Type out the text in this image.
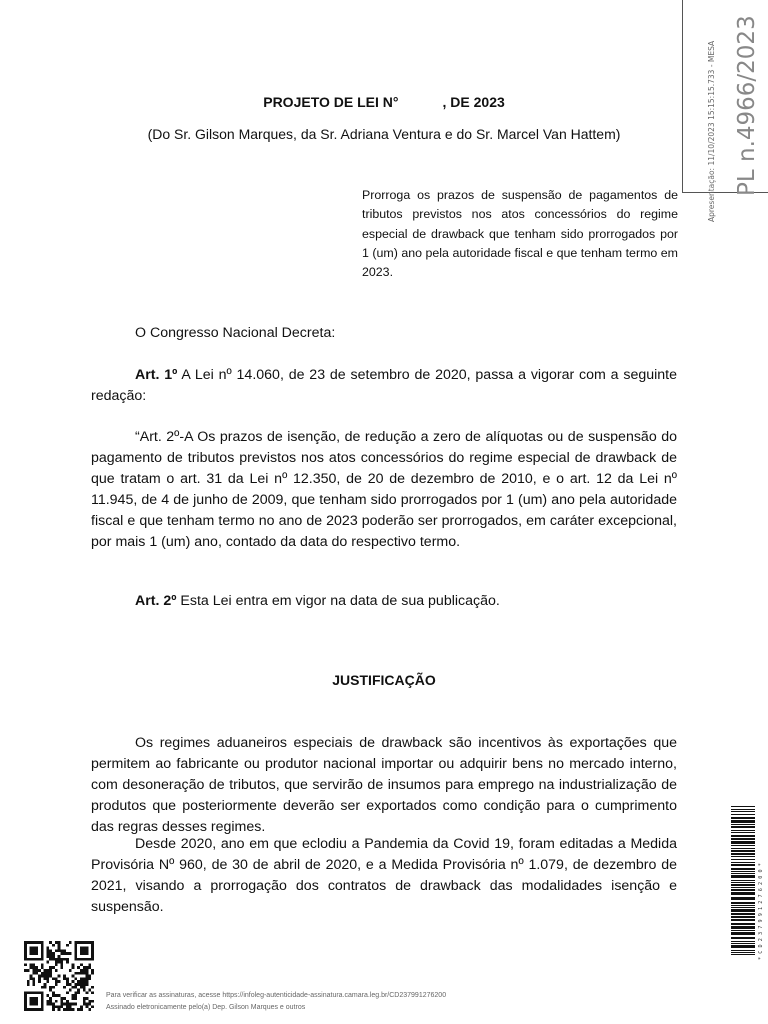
Apresentação: 11/10/2023 15:15:15.733 - MESA PL n.4966/2023
PROJETO DE LEI N°	, DE 2023
(Do Sr. Gilson Marques, da Sr. Adriana Ventura e do Sr. Marcel Van Hattem)
Prorroga os prazos de suspensão de pagamentos de tributos previstos nos atos concessórios do regime especial de drawback que tenham sido prorrogados por 1 (um) ano pela autoridade fiscal e que tenham termo em 2023.
O Congresso Nacional Decreta:
Art. 1º A Lei nº 14.060, de 23 de setembro de 2020, passa a vigorar com a seguinte redação:
“Art. 2º-A Os prazos de isenção, de redução a zero de alíquotas ou de suspensão do pagamento de tributos previstos nos atos concessórios do regime especial de drawback de que tratam o art. 31 da Lei nº 12.350, de 20 de dezembro de 2010, e o art. 12 da Lei nº 11.945, de 4 de junho de 2009, que tenham sido prorrogados por 1 (um) ano pela autoridade fiscal e que tenham termo no ano de 2023 poderão ser prorrogados, em caráter excepcional, por mais 1 (um) ano, contado da data do respectivo termo.
Art. 2º Esta Lei entra em vigor na data de sua publicação.
JUSTIFICAÇÃO
Os regimes aduaneiros especiais de drawback são incentivos às exportações que permitem ao fabricante ou produtor nacional importar ou adquirir bens no mercado interno, com desoneração de tributos, que servirão de insumos para emprego na industrialização de produtos que posteriormente deverão ser exportados como condição para o cumprimento das regras desses regimes.
Desde 2020, ano em que eclodiu a Pandemia da Covid 19, foram editadas a Medida Provisória Nº 960, de 30 de abril de 2020, e a Medida Provisória nº 1.079, de dezembro de 2021, visando a prorrogação dos contratos de drawback das modalidades isenção e suspensão.	* C D 2 3 7 9 9 1 2 7 6 2 0 0 *
Para verificar as assinaturas, acesse https://infoleg-autenticidade-assinatura.camara.leg.br/CD237991276200
Assinado eletronicamente pelo(a) Dep. Gilson Marques e outros
